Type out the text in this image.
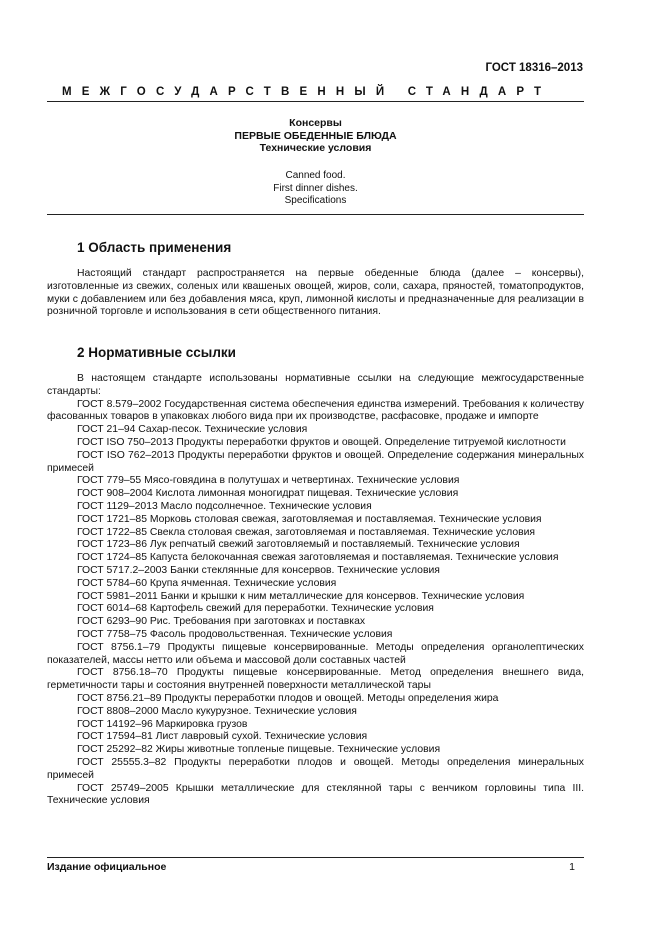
ГОСТ 18316–2013
МЕЖГОСУДАРСТВЕННЫЙ СТАНДАРТ
Консервы
ПЕРВЫЕ ОБЕДЕННЫЕ БЛЮДА
Технические условия
Canned food.
First dinner dishes.
Specifications
1 Область применения
Настоящий стандарт распространяется на первые обеденные блюда (далее – консервы), изготовленные из свежих, соленых или квашеных овощей, жиров, соли, сахара, пряностей, томатопродуктов, муки с добавлением или без добавления мяса, круп, лимонной кислоты и предназначенные для реализации в розничной торговле и использования в сети общественного питания.
2 Нормативные ссылки

В настоящем стандарте использованы нормативные ссылки на следующие межгосударственные стандарты:

ГОСТ 8.579–2002 Государственная система обеспечения единства измерений. Требования к количеству фасованных товаров в упаковках любого вида при их производстве, расфасовке, продаже и импорте

ГОСТ 21–94 Сахар-песок. Технические условия

ГОСТ ISO 750–2013 Продукты переработки фруктов и овощей. Определение титруемой кислотности

ГОСТ ISO 762–2013 Продукты переработки фруктов и овощей. Определение содержания минеральных примесей

ГОСТ 779–55 Мясо-говядина в полутушах и четвертинах. Технические условия

ГОСТ 908–2004 Кислота лимонная моногидрат пищевая. Технические условия

ГОСТ 1129–2013 Масло подсолнечное. Технические условия

ГОСТ 1721–85 Морковь столовая свежая, заготовляемая и поставляемая. Технические условия

ГОСТ 1722–85 Свекла столовая свежая, заготовляемая и поставляемая. Технические условия

ГОСТ 1723–86 Лук репчатый свежий заготовляемый и поставляемый. Технические условия

ГОСТ 1724–85 Капуста белокочанная свежая заготовляемая и поставляемая. Технические условия

ГОСТ 5717.2–2003 Банки стеклянные для консервов. Технические условия

ГОСТ 5784–60 Крупа ячменная. Технические условия

ГОСТ 5981–2011 Банки и крышки к ним металлические для консервов. Технические условия

ГОСТ 6014–68 Картофель свежий для переработки. Технические условия

ГОСТ 6293–90 Рис. Требования при заготовках и поставках

ГОСТ 7758–75 Фасоль продовольственная. Технические условия

ГОСТ 8756.1–79 Продукты пищевые консервированные. Методы определения органолептических показателей, массы нетто или объема и массовой доли составных частей

ГОСТ 8756.18–70 Продукты пищевые консервированные. Метод определения внешнего вида, герметичности тары и состояния внутренней поверхности металлической тары

ГОСТ 8756.21–89 Продукты переработки плодов и овощей. Методы определения жира

ГОСТ 8808–2000 Масло кукурузное. Технические условия

ГОСТ 14192–96 Маркировка грузов

ГОСТ 17594–81 Лист лавровый сухой. Технические условия

ГОСТ 25292–82 Жиры животные топленые пищевые. Технические условия

ГОСТ 25555.3–82 Продукты переработки плодов и овощей. Методы определения минеральных примесей

ГОСТ 25749–2005 Крышки металлические для стеклянной тары с венчиком горловины типа III. Технические условия

Издание официальное	1
